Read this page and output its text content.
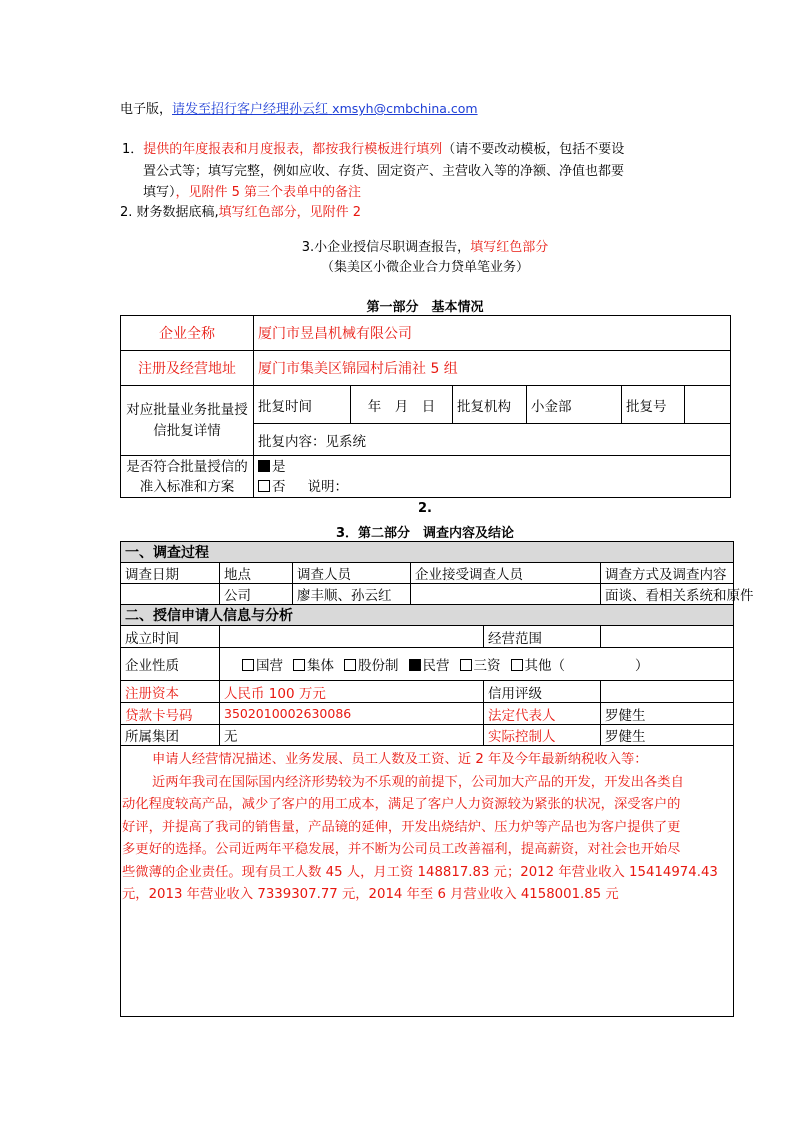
电子版，请发至招行客户经理孙云红 xmsyh@cmbchina.com
1．提供的年度报表和月度报表，都按我行模板进行填列（请不要改动模板，包括不要设
置公式等；填写完整，例如应收、存货、固定资产、主营收入等的净额、净值也都要
填写），见附件 5 第三个表单中的备注
2. 财务数据底稿,填写红色部分，见附件 2
3.小企业授信尽职调查报告，填写红色部分
（集美区小微企业合力贷单笔业务）
第一部分　基本情况
企业全称	厦门市昱昌机械有限公司					
注册及经营地址	厦门市集美区锦园村后浦社 5 组					
对应批量业务批量授信批复详情	批复时间	年　月　日	批复机构	小金部	批复号	
	批复内容：见系统					
是否符合批量授信的准入标准和方案	是
否 说明：					
2.
3．第二部分　调查内容及结论
一、调查过程					
调查日期	地点	调查人员	企业接受调查人员		调查方式及调查内容
	公司	廖丰顺、孙云红			面谈、看相关系统和原件
二、授信申请人信息与分析					
成立时间				经营范围	
企业性质	国营 集体 股份制 民营 三资 其他（ ）				
注册资本	人民币 100 万元			信用评级	
贷款卡号码	3502010002630086			法定代表人	罗健生
所属集团	无			实际控制人	罗健生

申请人经营情况描述、业务发展、员工人数及工资、近 2 年及今年最新纳税收入等：

近两年我司在国际国内经济形势较为不乐观的前提下，公司加大产品的开发，开发出各类自
动化程度较高产品，减少了客户的用工成本，满足了客户人力资源较为紧张的状况，深受客户的
好评，并提高了我司的销售量，产品镜的延伸，开发出烧结炉、压力炉等产品也为客户提供了更
多更好的选择。公司近两年平稳发展，并不断为公司员工改善福利，提高薪资，对社会也开始尽
些微薄的企业责任。现有员工人数 45 人，月工资 148817.83 元；2012 年营业收入 15414974.43
元，2013 年营业收入 7339307.77 元，2014 年至 6 月营业收入 4158001.85 元
